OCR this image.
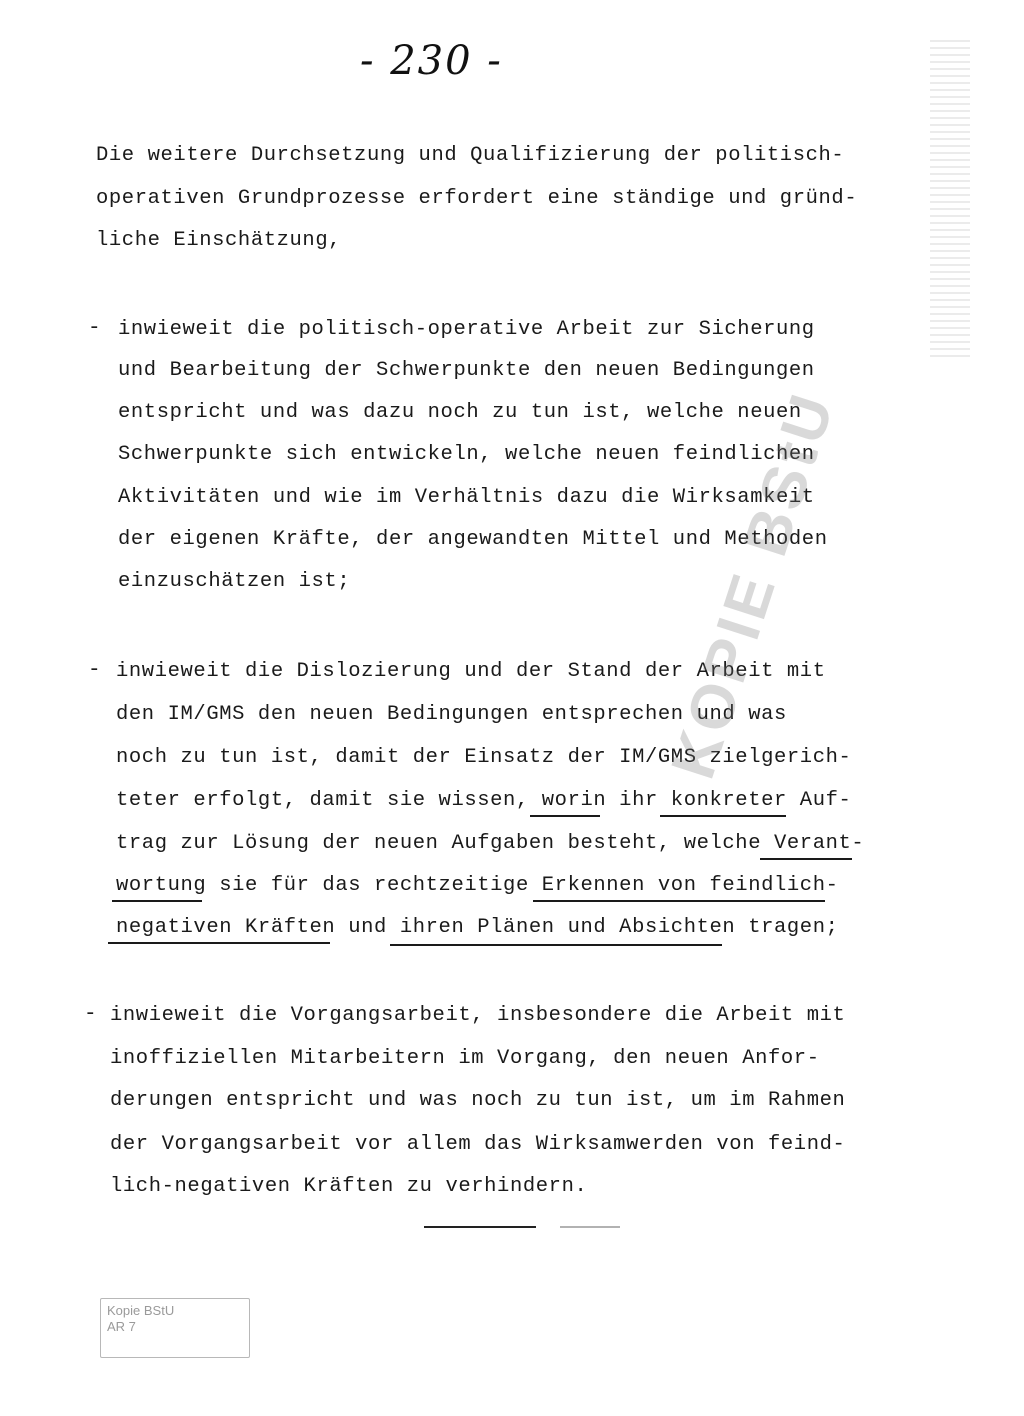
- 230 -
Die weitere Durchsetzung und Qualifizierung der politisch-
operativen Grundprozesse erfordert eine ständige und gründ-
liche Einschätzung,
- inwieweit die politisch-operative Arbeit zur Sicherung
und Bearbeitung der Schwerpunkte den neuen Bedingungen
entspricht und was dazu noch zu tun ist, welche neuen
Schwerpunkte sich entwickeln, welche neuen feindlichen
Aktivitäten und wie im Verhältnis dazu die Wirksamkeit
der eigenen Kräfte, der angewandten Mittel und Methoden
einzuschätzen ist;
- inwieweit die Dislozierung und der Stand der Arbeit mit
den IM/GMS den neuen Bedingungen entsprechen und was
noch zu tun ist, damit der Einsatz der IM/GMS zielgerich-
teter erfolgt, damit sie wissen, worin ihr konkreter Auf-
trag zur Lösung der neuen Aufgaben besteht, welche Verant-
wortung sie für das rechtzeitige Erkennen von feindlich-
negativen Kräften und ihren Plänen und Absichten tragen;
- inwieweit die Vorgangsarbeit, insbesondere die Arbeit mit
inoffiziellen Mitarbeitern im Vorgang, den neuen Anfor-
derungen entspricht und was noch zu tun ist, um im Rahmen
der Vorgangsarbeit vor allem das Wirksamwerden von feind-
lich-negativen Kräften zu verhindern.
KOPIE BStU
Kopie BStU
AR 7
